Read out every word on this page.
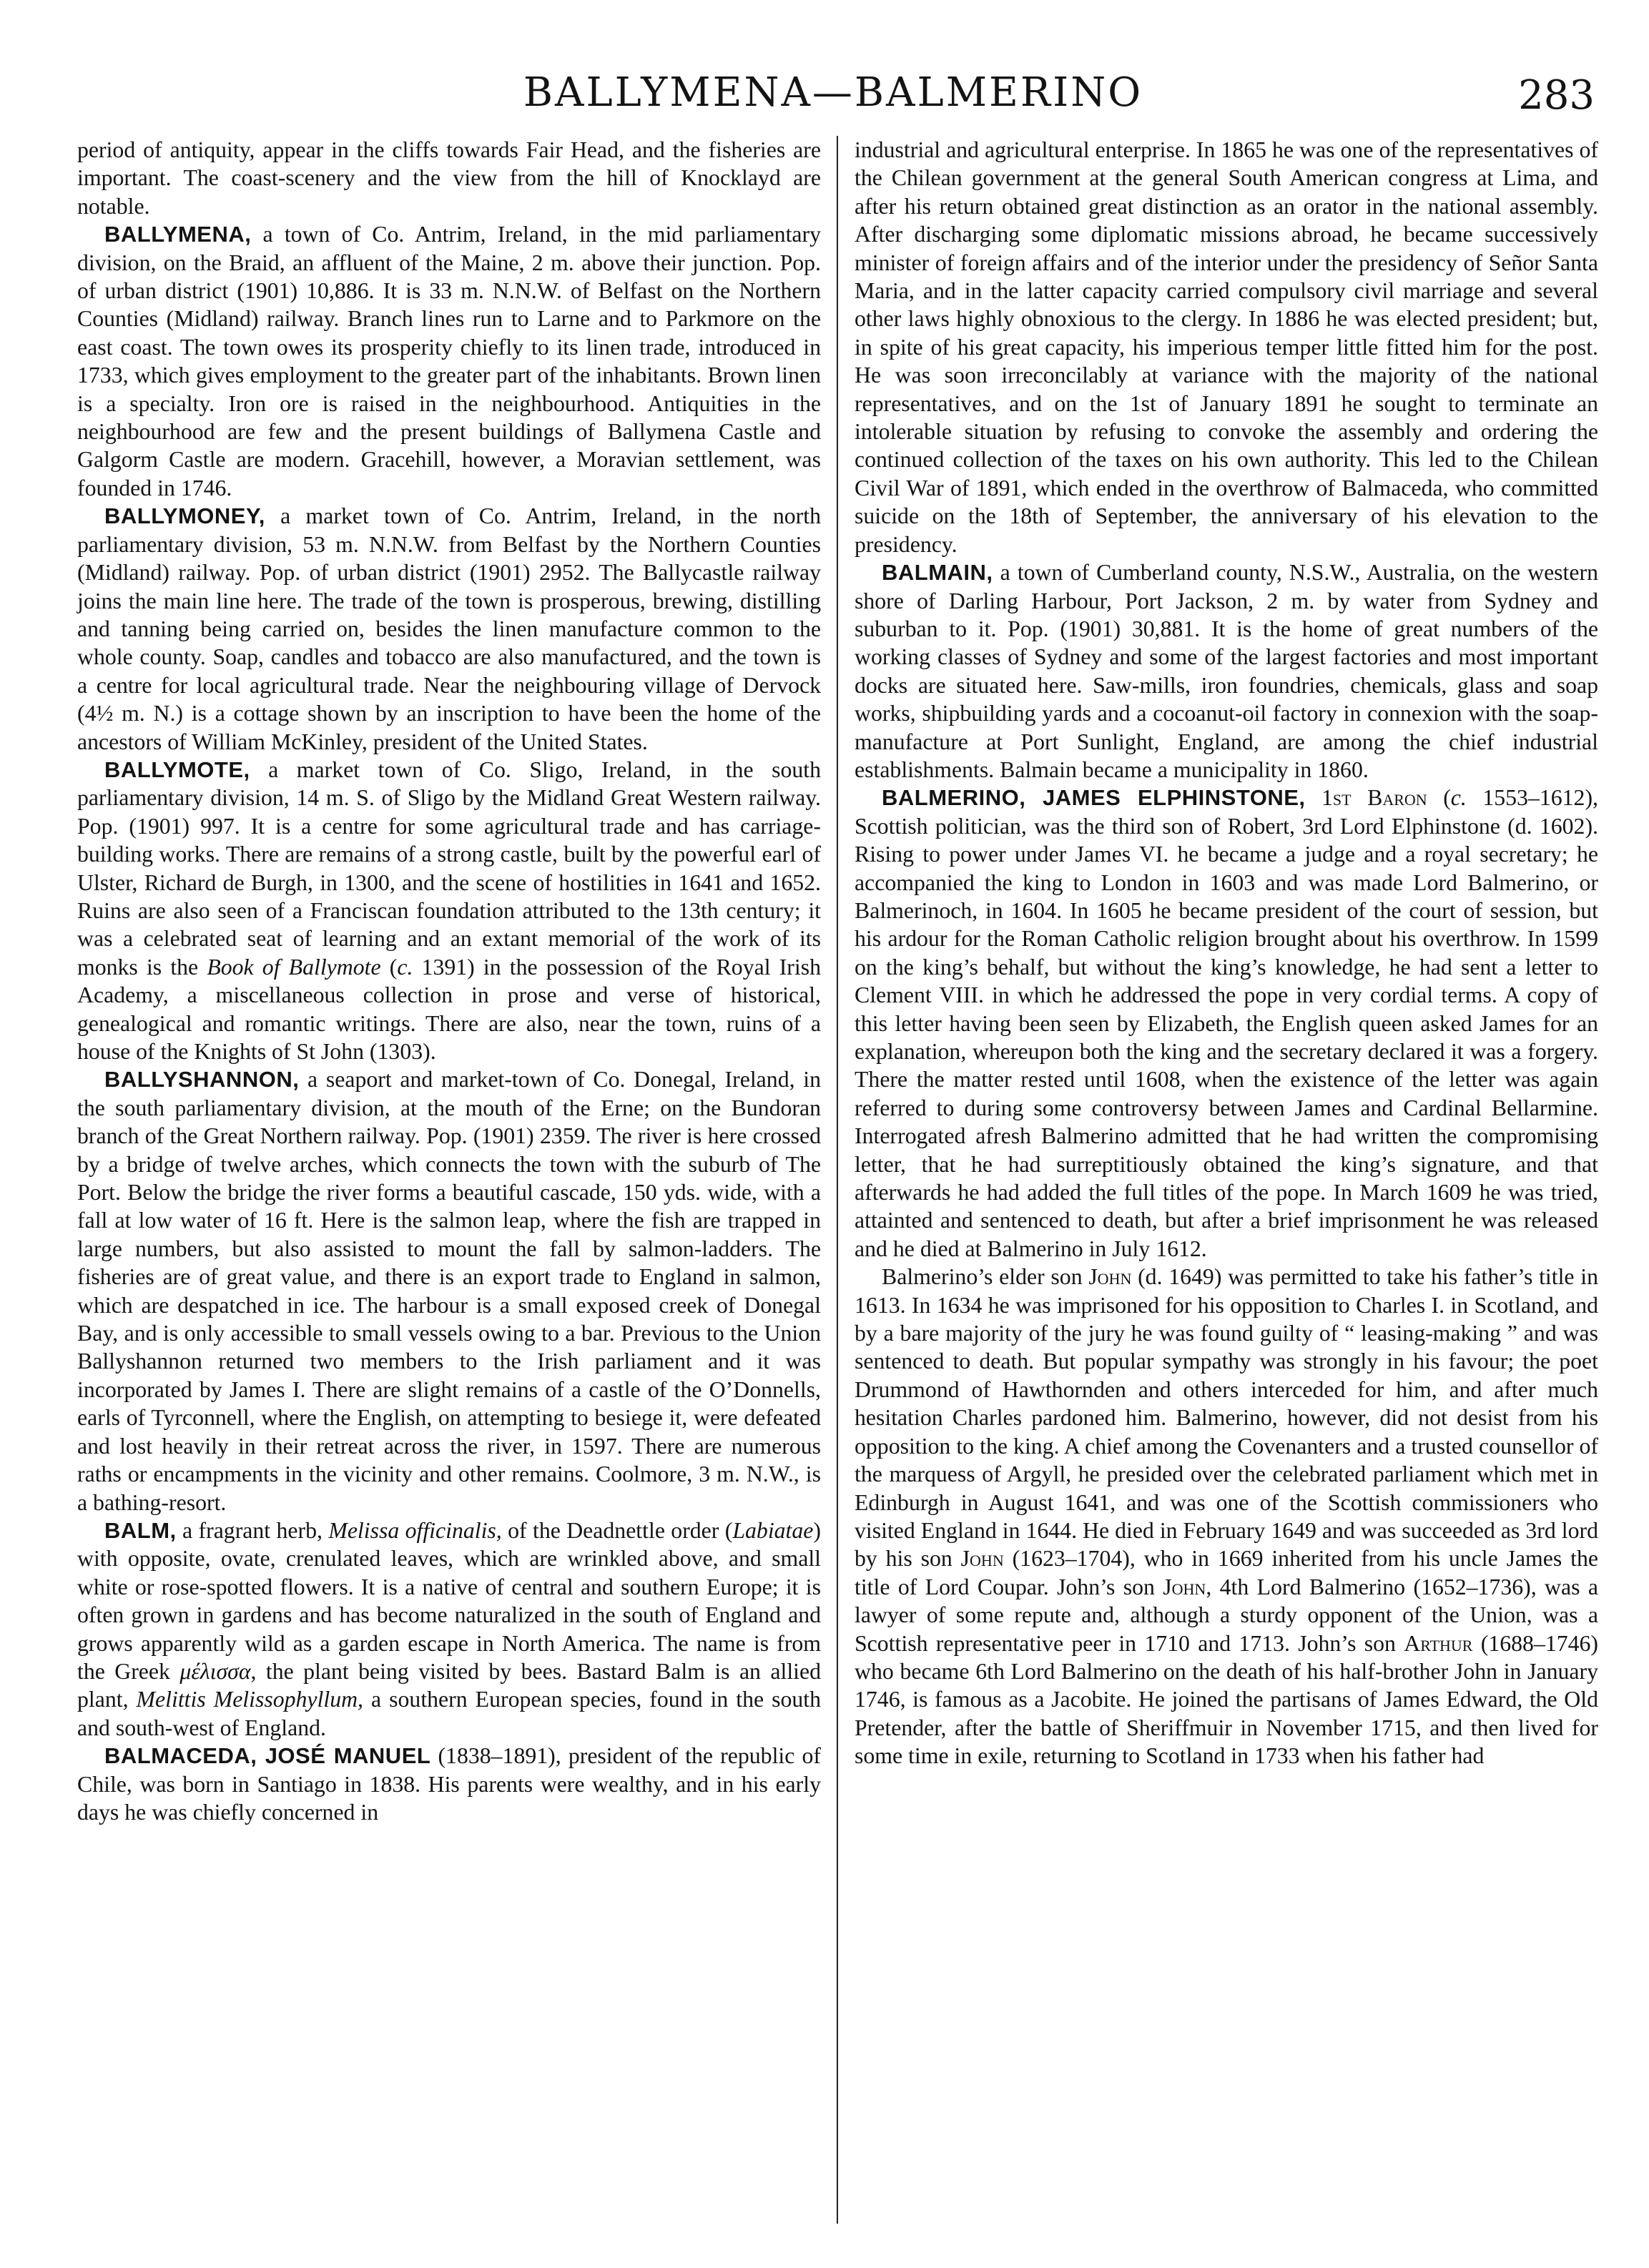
BALLYMENA—BALMERINO	283

period of antiquity, appear in the cliffs towards Fair Head, and the fisheries are important. The coast-scenery and the view from the hill of Knocklayd are notable.

BALLYMENA, a town of Co. Antrim, Ireland, in the mid parliamentary division, on the Braid, an affluent of the Maine, 2 m. above their junction. Pop. of urban district (1901) 10,886. It is 33 m. N.N.W. of Belfast on the Northern Counties (Midland) railway. Branch lines run to Larne and to Parkmore on the east coast. The town owes its prosperity chiefly to its linen trade, introduced in 1733, which gives employment to the greater part of the inhabitants. Brown linen is a specialty. Iron ore is raised in the neighbourhood. Antiquities in the neighbourhood are few and the present buildings of Ballymena Castle and Galgorm Castle are modern. Gracehill, however, a Moravian settlement, was founded in 1746.

BALLYMONEY, a market town of Co. Antrim, Ireland, in the north parliamentary division, 53 m. N.N.W. from Belfast by the Northern Counties (Midland) railway. Pop. of urban district (1901) 2952. The Ballycastle railway joins the main line here. The trade of the town is prosperous, brewing, distilling and tanning being carried on, besides the linen manufacture common to the whole county. Soap, candles and tobacco are also manufactured, and the town is a centre for local agricultural trade. Near the neighbouring village of Dervock (4½ m. N.) is a cottage shown by an inscription to have been the home of the ancestors of William McKinley, president of the United States.

BALLYMOTE, a market town of Co. Sligo, Ireland, in the south parliamentary division, 14 m. S. of Sligo by the Midland Great Western railway. Pop. (1901) 997. It is a centre for some agricultural trade and has carriage-building works. There are remains of a strong castle, built by the powerful earl of Ulster, Richard de Burgh, in 1300, and the scene of hostilities in 1641 and 1652. Ruins are also seen of a Franciscan foundation attributed to the 13th century; it was a celebrated seat of learning and an extant memorial of the work of its monks is the Book of Ballymote (c. 1391) in the possession of the Royal Irish Academy, a miscellaneous collection in prose and verse of historical, genealogical and romantic writings. There are also, near the town, ruins of a house of the Knights of St John (1303).

BALLYSHANNON, a seaport and market-town of Co. Donegal, Ireland, in the south parliamentary division, at the mouth of the Erne; on the Bundoran branch of the Great Northern railway. Pop. (1901) 2359. The river is here crossed by a bridge of twelve arches, which connects the town with the suburb of The Port. Below the bridge the river forms a beautiful cascade, 150 yds. wide, with a fall at low water of 16 ft. Here is the salmon leap, where the fish are trapped in large numbers, but also assisted to mount the fall by salmon-ladders. The fisheries are of great value, and there is an export trade to England in salmon, which are despatched in ice. The harbour is a small exposed creek of Donegal Bay, and is only accessible to small vessels owing to a bar. Previous to the Union Ballyshannon returned two members to the Irish parliament and it was incorporated by James I. There are slight remains of a castle of the O’Donnells, earls of Tyrconnell, where the English, on attempting to besiege it, were defeated and lost heavily in their retreat across the river, in 1597. There are numerous raths or encampments in the vicinity and other remains. Coolmore, 3 m. N.W., is a bathing-resort.

BALM, a fragrant herb, Melissa officinalis, of the Deadnettle order (Labiatae) with opposite, ovate, crenulated leaves, which are wrinkled above, and small white or rose-spotted flowers. It is a native of central and southern Europe; it is often grown in gardens and has become naturalized in the south of England and grows apparently wild as a garden escape in North America. The name is from the Greek μέλισσα, the plant being visited by bees. Bastard Balm is an allied plant, Melittis Melissophyllum, a southern European species, found in the south and south-west of England.

BALMACEDA, JOSÉ MANUEL (1838–1891), president of the republic of Chile, was born in Santiago in 1838. His parents were wealthy, and in his early days he was chiefly concerned in

industrial and agricultural enterprise. In 1865 he was one of the representatives of the Chilean government at the general South American congress at Lima, and after his return obtained great distinction as an orator in the national assembly. After discharging some diplomatic missions abroad, he became successively minister of foreign affairs and of the interior under the presidency of Señor Santa Maria, and in the latter capacity carried compulsory civil marriage and several other laws highly obnoxious to the clergy. In 1886 he was elected president; but, in spite of his great capacity, his imperious temper little fitted him for the post. He was soon irreconcilably at variance with the majority of the national representatives, and on the 1st of January 1891 he sought to terminate an intolerable situation by refusing to convoke the assembly and ordering the continued collection of the taxes on his own authority. This led to the Chilean Civil War of 1891, which ended in the overthrow of Balmaceda, who committed suicide on the 18th of September, the anniversary of his elevation to the presidency.

BALMAIN, a town of Cumberland county, N.S.W., Australia, on the western shore of Darling Harbour, Port Jackson, 2 m. by water from Sydney and suburban to it. Pop. (1901) 30,881. It is the home of great numbers of the working classes of Sydney and some of the largest factories and most important docks are situated here. Saw-mills, iron foundries, chemicals, glass and soap works, shipbuilding yards and a cocoanut-oil factory in connexion with the soap-manufacture at Port Sunlight, England, are among the chief industrial establishments. Balmain became a municipality in 1860.

BALMERINO, JAMES ELPHINSTONE, 1st Baron (c. 1553–1612), Scottish politician, was the third son of Robert, 3rd Lord Elphinstone (d. 1602). Rising to power under James VI. he became a judge and a royal secretary; he accompanied the king to London in 1603 and was made Lord Balmerino, or Balmerinoch, in 1604. In 1605 he became president of the court of session, but his ardour for the Roman Catholic religion brought about his overthrow. In 1599 on the king’s behalf, but without the king’s knowledge, he had sent a letter to Clement VIII. in which he addressed the pope in very cordial terms. A copy of this letter having been seen by Elizabeth, the English queen asked James for an explanation, whereupon both the king and the secretary declared it was a forgery. There the matter rested until 1608, when the existence of the letter was again referred to during some controversy between James and Cardinal Bellarmine. Interrogated afresh Balmerino admitted that he had written the compromising letter, that he had surreptitiously obtained the king’s signature, and that afterwards he had added the full titles of the pope. In March 1609 he was tried, attainted and sentenced to death, but after a brief imprisonment he was released and he died at Balmerino in July 1612.

Balmerino’s elder son John (d. 1649) was permitted to take his father’s title in 1613. In 1634 he was imprisoned for his opposition to Charles I. in Scotland, and by a bare majority of the jury he was found guilty of “ leasing-making ” and was sentenced to death. But popular sympathy was strongly in his favour; the poet Drummond of Hawthornden and others interceded for him, and after much hesitation Charles pardoned him. Balmerino, however, did not desist from his opposition to the king. A chief among the Covenanters and a trusted counsellor of the marquess of Argyll, he presided over the celebrated parliament which met in Edinburgh in August 1641, and was one of the Scottish commissioners who visited England in 1644. He died in February 1649 and was succeeded as 3rd lord by his son John (1623–1704), who in 1669 inherited from his uncle James the title of Lord Coupar. John’s son John, 4th Lord Balmerino (1652–1736), was a lawyer of some repute and, although a sturdy opponent of the Union, was a Scottish representative peer in 1710 and 1713. John’s son Arthur (1688–1746) who became 6th Lord Balmerino on the death of his half-brother John in January 1746, is famous as a Jacobite. He joined the partisans of James Edward, the Old Pretender, after the battle of Sheriffmuir in November 1715, and then lived for some time in exile, returning to Scotland in 1733 when his father had
